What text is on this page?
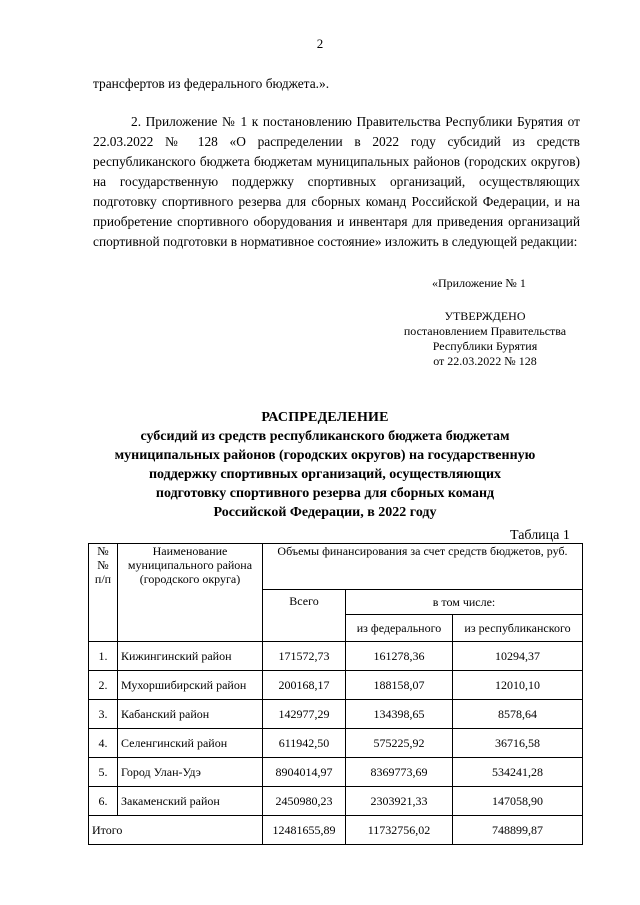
2
трансфертов из федерального бюджета.».
2. Приложение № 1 к постановлению Правительства Республики Бурятия от 22.03.2022 № 128 «О распределении в 2022 году субсидий из средств республиканского бюджета бюджетам муниципальных районов (городских округов) на государственную поддержку спортивных организаций, осуществляющих подготовку спортивного резерва для сборных команд Российской Федерации, и на приобретение спортивного оборудования и инвентаря для приведения организаций спортивной подготовки в нормативное состояние» изложить в следующей редакции:
«Приложение № 1
УТВЕРЖДЕНО
постановлением Правительства
Республики Бурятия
от 22.03.2022 № 128
РАСПРЕДЕЛЕНИЕ
субсидий из средств республиканского бюджета бюджетам
муниципальных районов (городских округов) на государственную
поддержку спортивных организаций, осуществляющих
подготовку спортивного резерва для сборных команд
Российской Федерации, в 2022 году
Таблица 1
№№ п/п	Наименование муниципального района (городского округа)	Объемы финансирования за счет средств бюджетов, руб.		
		Всего	в том числе:	
			из федерального	из республиканского
1.	Кижингинский район	171572,73	161278,36	10294,37
2.	Мухоршибирский район	200168,17	188158,07	12010,10
3.	Кабанский район	142977,29	134398,65	8578,64
4.	Селенгинский район	611942,50	575225,92	36716,58
5.	Город Улан-Удэ	8904014,97	8369773,69	534241,28
6.	Закаменский район	2450980,23	2303921,33	147058,90
Итого		12481655,89	11732756,02	748899,87
